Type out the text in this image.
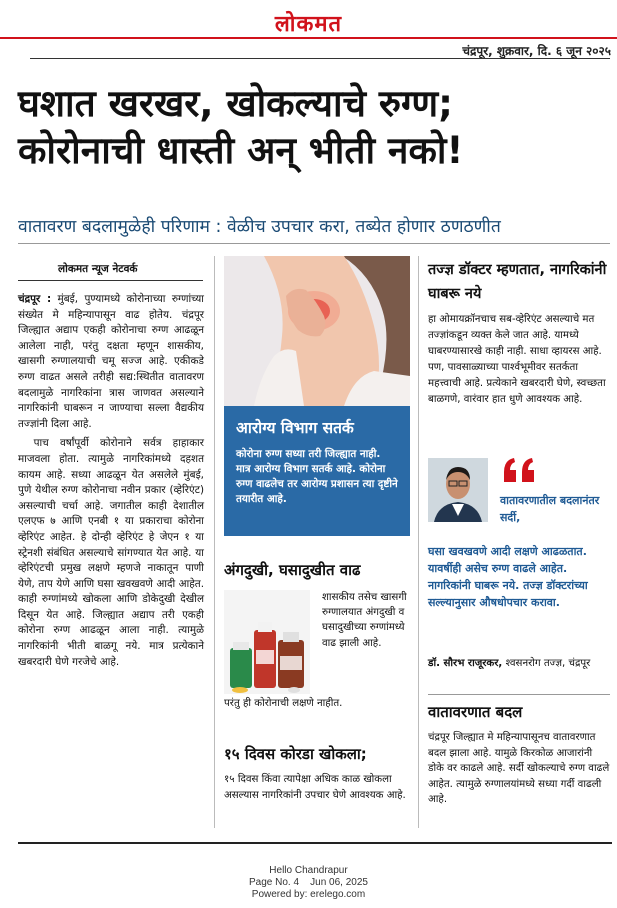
लोकमत
चंद्रपूर, शुक्रवार, दि. ६ जून २०२५
घशात खरखर, खोकल्याचे रुग्ण;
कोरोनाची धास्ती अन् भीती नको!
वातावरण बदलामुळेही परिणाम : वेळीच उपचार करा, तब्येत होणार ठणठणीत
लोकमत न्यूज नेटवर्क

चंद्रपूर : मुंबई, पुण्यामध्ये कोरोनाच्या रुग्णांच्या संख्येत मे महिन्यापासून वाढ होतेय. चंद्रपूर जिल्ह्यात अद्याप एकही कोरोनाचा रुग्ण आढळून आलेला नाही, परंतु दक्षता म्हणून शासकीय, खासगी रुग्णालयाची चमू सज्ज आहे. एकीकडे रुग्ण वाढत असले तरीही सद्य:स्थितीत वातावरण बदलामुळे नागरिकांना त्रास जाणवत असल्याने नागरिकांनी घाबरून न जाण्याचा सल्ला वैद्यकीय तज्ज्ञांनी दिला आहे.

पाच वर्षांपूर्वी कोरोनाने सर्वत्र हाहाकार माजवला होता. त्यामुळे नागरिकांमध्ये दहशत कायम आहे. सध्या आढळून येत असलेले मुंबई, पुणे येथील रुग्ण कोरोनाचा नवीन प्रकार (व्हेरिएंट) असल्याची चर्चा आहे. जगातील काही देशातील एलएफ ७ आणि एनबी १ या प्रकाराचा कोरोना व्हेरिएंट आहेत. हे दोन्ही व्हेरिएंट हे जेएन १ या स्ट्रेनशी संबंधित असल्याचे सांगण्यात येत आहे. या व्हेरिएंटची प्रमुख लक्षणे म्हणजे नाकातून पाणी येणे, ताप येणे आणि घसा खवखवणे आदी आहेत. काही रुग्णांमध्ये खोकला आणि डोकेदुखी देखील दिसून येत आहे. जिल्ह्यात अद्याप तरी एकही कोरोना रुग्ण आढळून आला नाही. त्यामुळे नागरिकांनी भीती बाळगू नये. मात्र प्रत्येकाने खबरदारी घेणे गरजेचे आहे.

आरोग्य विभाग सतर्क
कोरोना रुग्ण सध्या तरी जिल्ह्यात नाही. मात्र आरोग्य विभाग सतर्क आहे. कोरोना रुग्ण वाढलेच तर आरोग्य प्रशासन त्या दृष्टीने तयारीत आहे.
अंगदुखी, घसादुखीत वाढ
शासकीय तसेच खासगी रुग्णालयात अंगदुखी व घसादुखीच्या रुग्णांमध्ये वाढ झाली आहे.
परंतु ही कोरोनाची लक्षणे नाहीत.
१५ दिवस कोरडा खोकला;
१५ दिवस किंवा त्यापेक्षा अधिक काळ खोकला असल्यास नागरिकांनी उपचार घेणे आवश्यक आहे.
तज्ज्ञ डॉक्टर म्हणतात, नागरिकांनी घाबरू नये
हा ओमायक्रॉनचाच सब-व्हेरिएंट असल्याचे मत तज्ज्ञांकडून व्यक्त केले जात आहे. यामध्ये घाबरण्यासारखे काही नाही. साधा व्हायरस आहे. पण, पावसाळ्याच्या पार्श्वभूमीवर सतर्कता महत्त्वाची आहे. प्रत्येकाने खबरदारी घेणे, स्वच्छता बाळगणे, वारंवार हात धुणे आवश्यक आहे.
वातावरणातील बदलानंतर सर्दी,
घसा खवखवणे आदी लक्षणे आढळतात. यावर्षीही असेच रुग्ण वाढले आहेत. नागरिकांनी घाबरू नये. तज्ज्ञ डॉक्टरांच्या सल्ल्यानुसार औषधोपचार करावा.
डॉ. सौरभ राजूरकर, श्वसनरोग तज्ज्ञ, चंद्रपूर
वातावरणात बदल
चंद्रपूर जिल्ह्यात मे महिन्यापासूनच वातावरणात बदल झाला आहे. यामुळे किरकोळ आजारांनी डोके वर काढले आहे. सर्दी खोकल्याचे रुग्ण वाढले आहेत. त्यामुळे रुग्णालयांमध्ये सध्या गर्दी वाढली आहे.
Hello Chandrapur
Page No. 4    Jun 06, 2025
Powered by: erelego.com
